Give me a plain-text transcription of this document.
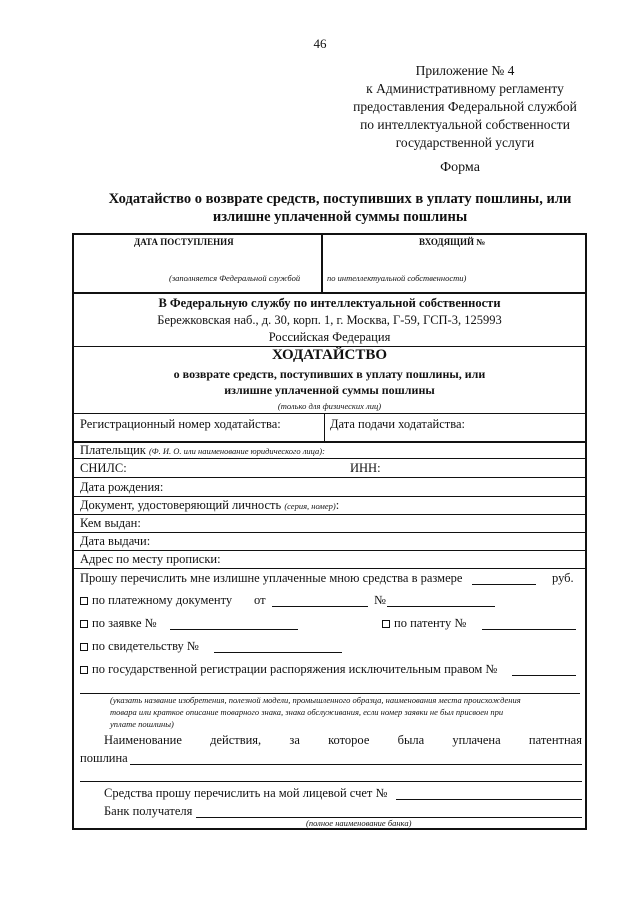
46
Приложение № 4
к Административному регламенту
предоставления Федеральной службой
по интеллектуальной собственности
государственной услуги
Форма
Ходатайство о возврате средств, поступивших в уплату пошлины, или
излишне уплаченной суммы пошлины
ДАТА ПОСТУПЛЕНИЯ	ВХОДЯЩИЙ №
(заполняется Федеральной службой	по интеллектуальной собственности)
В Федеральную службу по интеллектуальной собственности
Бережковская наб., д. 30, корп. 1, г. Москва, Г-59, ГСП-3, 125993
Российская Федерация
ХОДАТАЙСТВО
о возврате средств, поступивших в уплату пошлины, или
излишне уплаченной суммы пошлины
(только для физических лиц)
Регистрационный номер ходатайства:	Дата подачи ходатайства:
Плательщик (Ф. И. О. или наименование юридического лица):
СНИЛС:	ИНН:
Дата рождения:
Документ, удостоверяющий личность (серия, номер):
Кем выдан:
Дата выдачи:
Адрес по месту прописки:
Прошу перечислить мне излишне уплаченные мною средства в размере	руб.
по платежному документу от	№
по заявке №	по патенту №
по свидетельству №
по государственной регистрации распоряжения исключительным правом №
(указать название изобретения, полезной модели, промышленного образца, наименования места происхождения
товара или краткое описание товарного знака, знака обслуживания, если номер заявки не был присвоен при
уплате пошлины)
Наименование действия, за которое была уплачена патентная
пошлина
Средства прошу перечислить на мой лицевой счет №
Банк получателя
(полное наименование банка)
